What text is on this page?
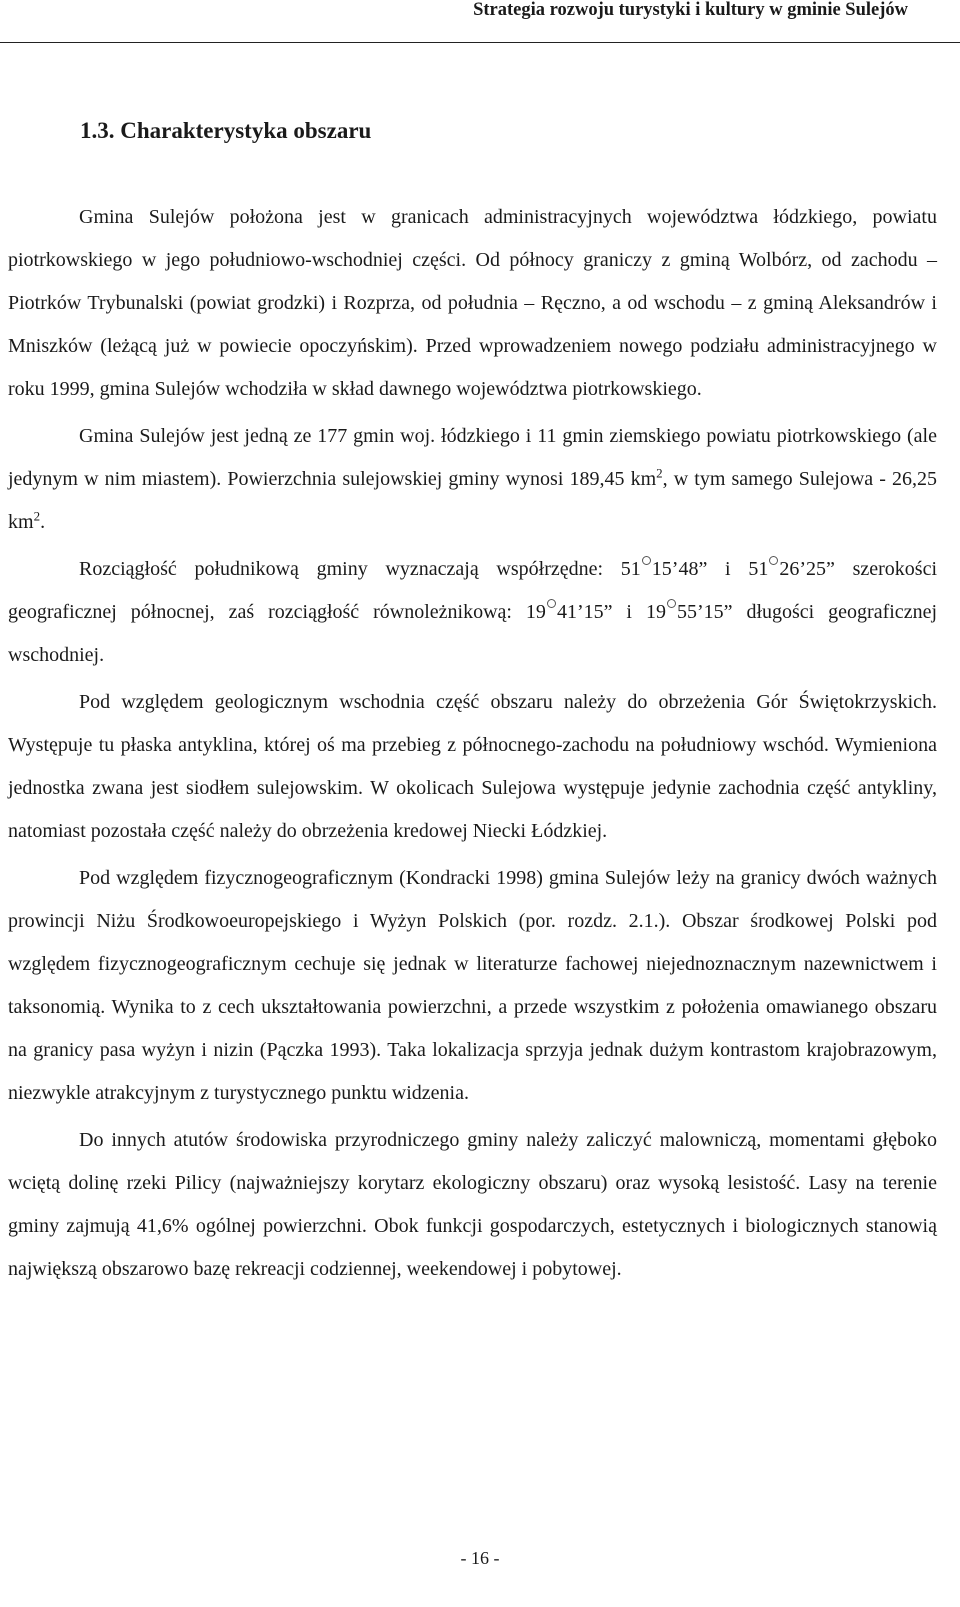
Strategia rozwoju turystyki i kultury w gminie Sulejów
1.3. Charakterystyka obszaru

Gmina Sulejów położona jest w granicach administracyjnych województwa łódzkiego, powiatu piotrkowskiego w jego południowo-wschodniej części. Od północy graniczy z gminą Wolbórz, od zachodu – Piotrków Trybunalski (powiat grodzki) i Rozprza, od południa – Ręczno, a od wschodu – z gminą Aleksandrów i Mniszków (leżącą już w powiecie opoczyńskim). Przed wprowadzeniem nowego podziału administracyjnego w roku 1999, gmina Sulejów wchodziła w skład dawnego województwa piotrkowskiego.

Gmina Sulejów jest jedną ze 177 gmin woj. łódzkiego i 11 gmin ziemskiego powiatu piotrkowskiego (ale jedynym w nim miastem). Powierzchnia sulejowskiej gminy wynosi 189,45 $km^2$, w tym samego Sulejowa - 26,25 $km^2$.

Rozciągłość południkową gminy wyznaczają współrzędne: 51 15’48” i 51 26’25” szerokości geograficznej północnej, zaś rozciągłość równoleżnikową: 19 41’15” i 19 55’15” długości geograficznej wschodniej.

Pod względem geologicznym wschodnia część obszaru należy do obrzeżenia Gór Świętokrzyskich. Występuje tu płaska antyklina, której oś ma przebieg z północnego-zachodu na południowy wschód. Wymieniona jednostka zwana jest siodłem sulejowskim. W okolicach Sulejowa występuje jedynie zachodnia część antykliny, natomiast pozostała część należy do obrzeżenia kredowej Niecki Łódzkiej.

Pod względem fizycznogeograficznym (Kondracki 1998) gmina Sulejów leży na granicy dwóch ważnych prowincji Niżu Środkowoeuropejskiego i Wyżyn Polskich (por. rozdz. 2.1.). Obszar środkowej Polski pod względem fizycznogeograficznym cechuje się jednak w literaturze fachowej niejednoznacznym nazewnictwem i taksonomią. Wynika to z cech ukształtowania powierzchni, a przede wszystkim z położenia omawianego obszaru na granicy pasa wyżyn i nizin (Pączka 1993). Taka lokalizacja sprzyja jednak dużym kontrastom krajobrazowym, niezwykle atrakcyjnym z turystycznego punktu widzenia.

Do innych atutów środowiska przyrodniczego gminy należy zaliczyć malowniczą, momentami głęboko wciętą dolinę rzeki Pilicy (najważniejszy korytarz ekologiczny obszaru) oraz wysoką lesistość. Lasy na terenie gminy zajmują 41,6% ogólnej powierzchni. Obok funkcji gospodarczych, estetycznych i biologicznych stanowią największą obszarowo bazę rekreacji codziennej, weekendowej i pobytowej.

- 16 -
